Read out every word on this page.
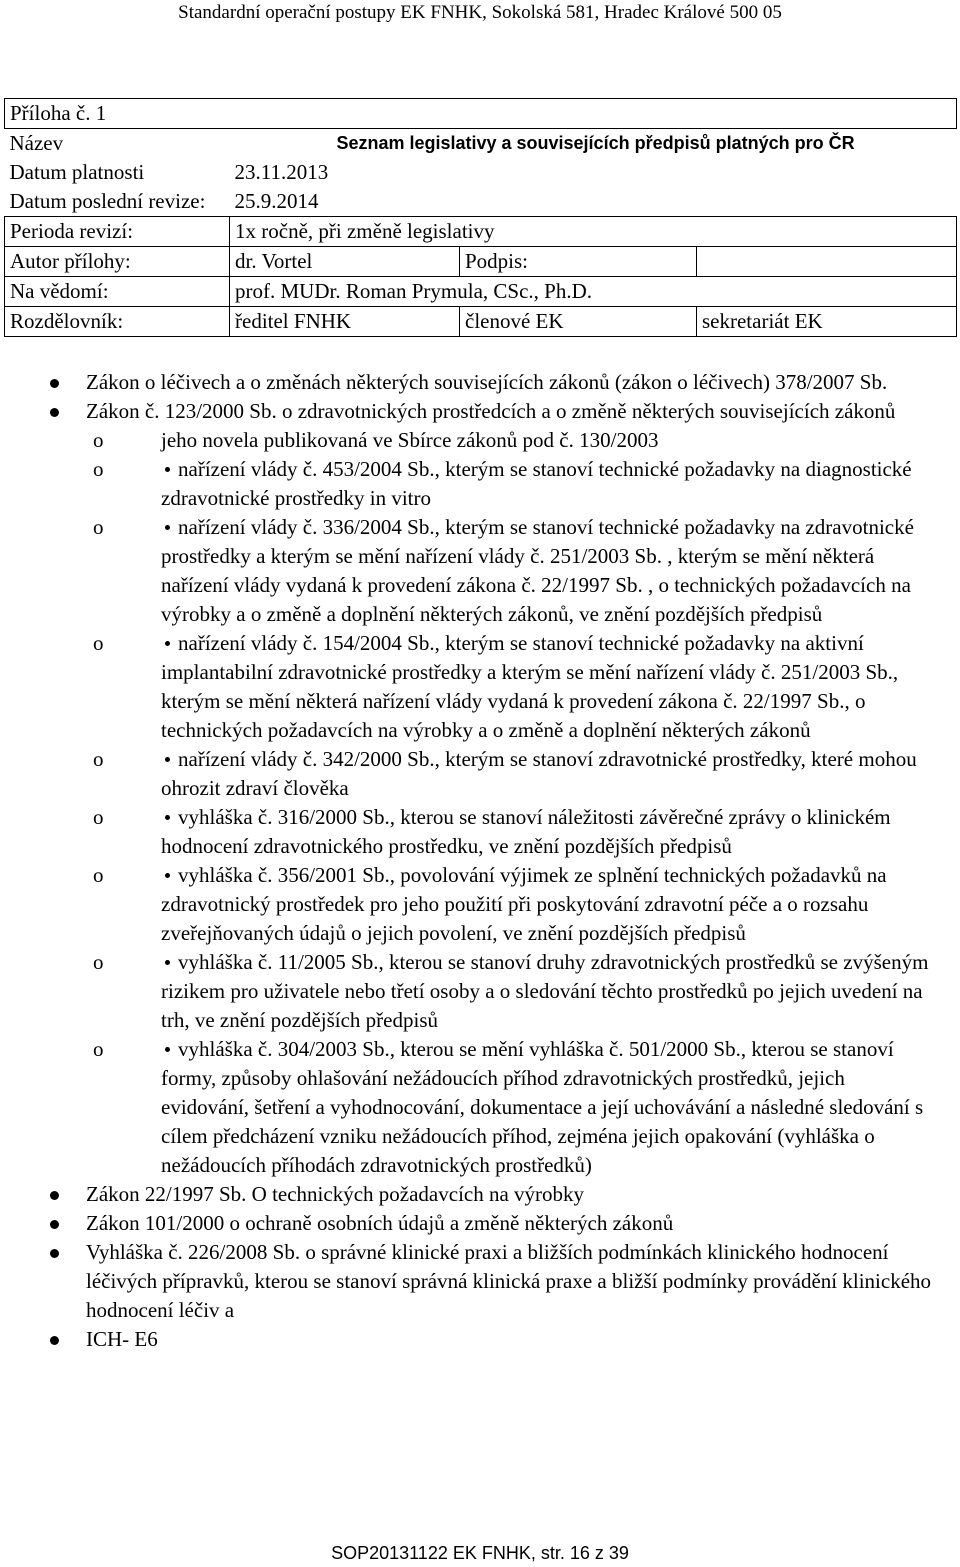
Standardní operační postupy EK FNHK, Sokolská 581, Hradec Králové 500 05
Příloha č. 1			
Název	Seznam legislativy a souvisejících předpisů platných pro ČR		
Datum platnosti	23.11.2013		
Datum poslední revize:	25.9.2014		
Perioda revizí:	1x ročně, při změně legislativy		
Autor přílohy:	dr. Vortel	Podpis:	
Na vědomí:	prof. MUDr. Roman Prymula, CSc., Ph.D.		
Rozdělovník:	ředitel FNHK	členové EK	sekretariát EK
Zákon o léčivech a o změnách některých souvisejících zákonů (zákon o léčivech) 378/2007 Sb.
Zákon č. 123/2000 Sb. o zdravotnických prostředcích a o změně některých souvisejících zákonů
o	jeho novela publikovaná ve Sbírce zákonů pod č. 130/2003
o	nařízení vlády č. 453/2004 Sb., kterým se stanoví technické požadavky na diagnostické zdravotnické prostředky in vitro
o	nařízení vlády č. 336/2004 Sb., kterým se stanoví technické požadavky na zdravotnické prostředky a kterým se mění nařízení vlády č. 251/2003 Sb. , kterým se mění některá nařízení vlády vydaná k provedení zákona č. 22/1997 Sb. , o technických požadavcích na výrobky a o změně a doplnění některých zákonů, ve znění pozdějších předpisů
o	nařízení vlády č. 154/2004 Sb., kterým se stanoví technické požadavky na aktivní implantabilní zdravotnické prostředky a kterým se mění nařízení vlády č. 251/2003 Sb., kterým se mění některá nařízení vlády vydaná k provedení zákona č. 22/1997 Sb., o technických požadavcích na výrobky a o změně a doplnění některých zákonů
o	nařízení vlády č. 342/2000 Sb., kterým se stanoví zdravotnické prostředky, které mohou ohrozit zdraví člověka
o	vyhláška č. 316/2000 Sb., kterou se stanoví náležitosti závěrečné zprávy o klinickém hodnocení zdravotnického prostředku, ve znění pozdějších předpisů
o	vyhláška č. 356/2001 Sb., povolování výjimek ze splnění technických požadavků na zdravotnický prostředek pro jeho použití při poskytování zdravotní péče a o rozsahu zveřejňovaných údajů o jejich povolení, ve znění pozdějších předpisů
o	vyhláška č. 11/2005 Sb., kterou se stanoví druhy zdravotnických prostředků se zvýšeným rizikem pro uživatele nebo třetí osoby a o sledování těchto prostředků po jejich uvedení na trh, ve znění pozdějších předpisů
o	vyhláška č. 304/2003 Sb., kterou se mění vyhláška č. 501/2000 Sb., kterou se stanoví formy, způsoby ohlašování nežádoucích příhod zdravotnických prostředků, jejich evidování, šetření a vyhodnocování, dokumentace a její uchovávání a následné sledování s cílem předcházení vzniku nežádoucích příhod, zejména jejich opakování (vyhláška o nežádoucích příhodách zdravotnických prostředků)
Zákon 22/1997 Sb. O technických požadavcích na výrobky
Zákon 101/2000 o ochraně osobních údajů a změně některých zákonů
Vyhláška č. 226/2008 Sb. o správné klinické praxi a bližších podmínkách klinického hodnocení léčivých přípravků, kterou se stanoví správná klinická praxe a bližší podmínky provádění klinického hodnocení léčiv a
ICH- E6
SOP20131122 EK FNHK, str. 16 z 39
